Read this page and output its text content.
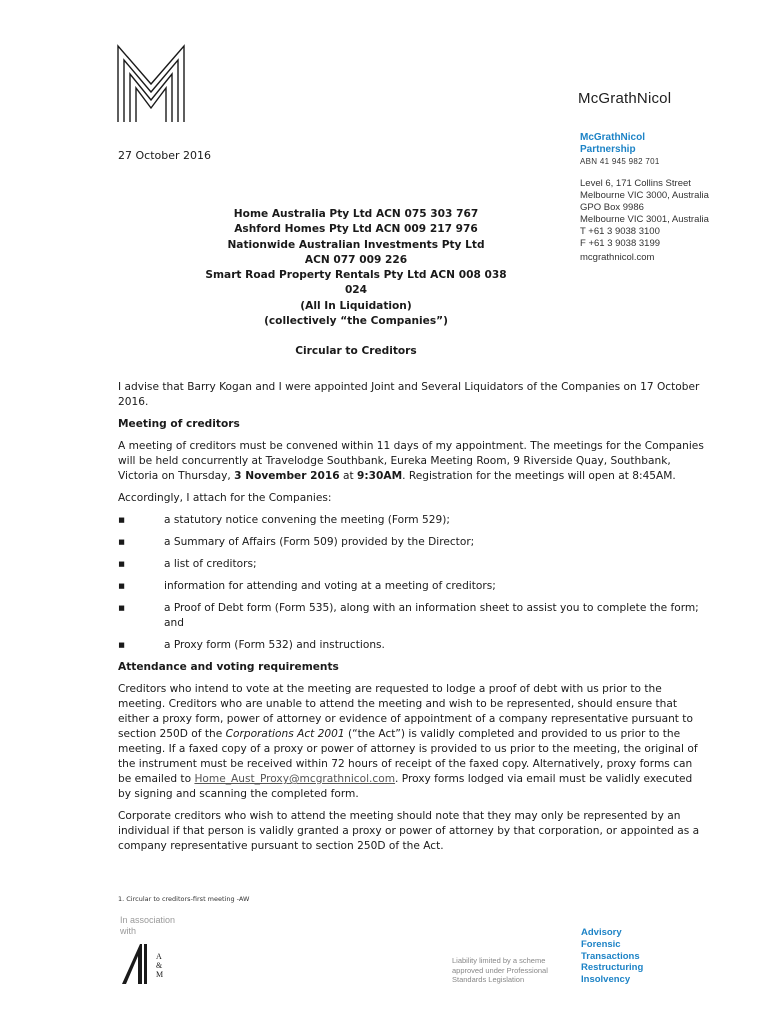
McGrathNicol
McGrathNicol
Partnership
ABN 41 945 982 701
Level 6, 171 Collins Street
Melbourne VIC 3000, Australia
GPO Box 9986
Melbourne VIC 3001, Australia
T +61 3 9038 3100
F +61 3 9038 3199
mcgrathnicol.com
27 October 2016
Home Australia Pty Ltd ACN 075 303 767
Ashford Homes Pty Ltd ACN 009 217 976
Nationwide Australian Investments Pty Ltd
ACN 077 009 226
Smart Road Property Rentals Pty Ltd ACN 008 038 024
(All In Liquidation)
(collectively “the Companies”)
Circular to Creditors

I advise that Barry Kogan and I were appointed Joint and Several Liquidators of the Companies on 17 October 2016.

Meeting of creditors

A meeting of creditors must be convened within 11 days of my appointment. The meetings for the Companies will be held concurrently at Travelodge Southbank, Eureka Meeting Room, 9 Riverside Quay, Southbank, Victoria on Thursday, 3 November 2016 at 9:30AM. Registration for the meetings will open at 8:45AM.

Accordingly, I attach for the Companies:

▪	a statutory notice convening the meeting (Form 529);
▪	a Summary of Affairs (Form 509) provided by the Director;
▪	a list of creditors;
▪	information for attending and voting at a meeting of creditors;
▪	a Proof of Debt form (Form 535), along with an information sheet to assist you to complete the form; and
▪	a Proxy form (Form 532) and instructions.
Attendance and voting requirements

Creditors who intend to vote at the meeting are requested to lodge a proof of debt with us prior to the meeting. Creditors who are unable to attend the meeting and wish to be represented, should ensure that either a proxy form, power of attorney or evidence of appointment of a company representative pursuant to section 250D of the Corporations Act 2001 (“the Act”) is validly completed and provided to us prior to the meeting. If a faxed copy of a proxy or power of attorney is provided to us prior to the meeting, the original of the instrument must be received within 72 hours of receipt of the faxed copy. Alternatively, proxy forms can be emailed to Home_Aust_Proxy@mcgrathnicol.com. Proxy forms lodged via email must be validly executed by signing and scanning the completed form.

Corporate creditors who wish to attend the meeting should note that they may only be represented by an individual if that person is validly granted a proxy or power of attorney by that corporation, or appointed as a company representative pursuant to section 250D of the Act.

1. Circular to creditors-first meeting -AW
In association
with
A
&
M
Liability limited by a scheme
approved under Professional
Standards Legislation
Advisory
Forensic
Transactions
Restructuring
Insolvency
